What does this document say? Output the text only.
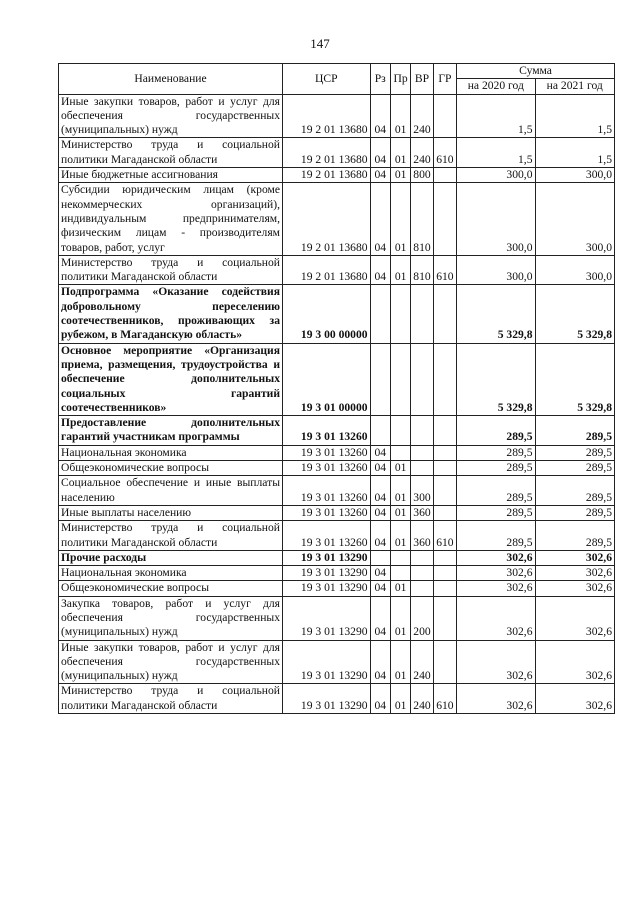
147
Наименование	ЦСР	Рз	Пр	ВР	ГР	Сумма	
						на 2020 год	на 2021 год
Иные закупки товаров, работ и услуг для обеспечения государственных (муниципальных) нужд	19 2 01 13680	04	01	240		1,5	1,5
Министерство труда и социальной политики Магаданской области	19 2 01 13680	04	01	240	610	1,5	1,5
Иные бюджетные ассигнования	19 2 01 13680	04	01	800		300,0	300,0
Субсидии юридическим лицам (кроме некоммерческих организаций), индивидуальным предпринимателям, физическим лицам - производителям товаров, работ, услуг	19 2 01 13680	04	01	810		300,0	300,0
Министерство труда и социальной политики Магаданской области	19 2 01 13680	04	01	810	610	300,0	300,0
Подпрограмма «Оказание содействия добровольному переселению соотечественников, проживающих за рубежом, в Магаданскую область»	19 3 00 00000					5 329,8	5 329,8
Основное мероприятие «Организация приема, размещения, трудоустройства и обеспечение дополнительных социальных гарантий соотечественников»	19 3 01 00000					5 329,8	5 329,8
Предоставление дополнительных гарантий участникам программы	19 3 01 13260					289,5	289,5
Национальная экономика	19 3 01 13260	04				289,5	289,5
Общеэкономические вопросы	19 3 01 13260	04	01			289,5	289,5
Социальное обеспечение и иные выплаты населению	19 3 01 13260	04	01	300		289,5	289,5
Иные выплаты населению	19 3 01 13260	04	01	360		289,5	289,5
Министерство труда и социальной политики Магаданской области	19 3 01 13260	04	01	360	610	289,5	289,5
Прочие расходы	19 3 01 13290					302,6	302,6
Национальная экономика	19 3 01 13290	04				302,6	302,6
Общеэкономические вопросы	19 3 01 13290	04	01			302,6	302,6
Закупка товаров, работ и услуг для обеспечения государственных (муниципальных) нужд	19 3 01 13290	04	01	200		302,6	302,6
Иные закупки товаров, работ и услуг для обеспечения государственных (муниципальных) нужд	19 3 01 13290	04	01	240		302,6	302,6
Министерство труда и социальной политики Магаданской области	19 3 01 13290	04	01	240	610	302,6	302,6
